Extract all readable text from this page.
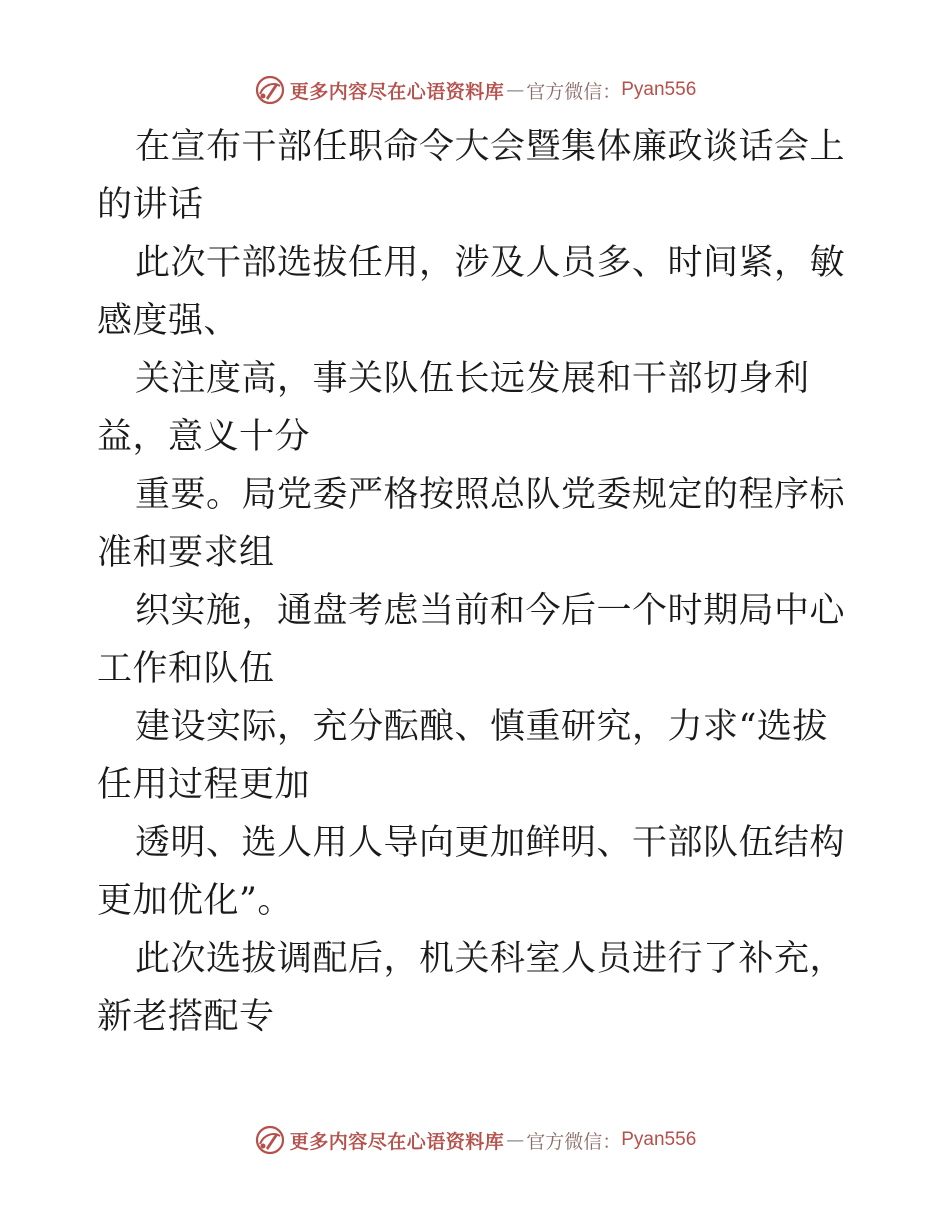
更多内容尽在心语资料库 — 官方微信： Pyan556

在宣布干部任职命令大会暨集体廉政谈话会上的讲话

此次干部选拔任用，涉及人员多、时间紧，敏感度强、

关注度高，事关队伍长远发展和干部切身利益，意义十分

重要。局党委严格按照总队党委规定的程序标准和要求组

织实施，通盘考虑当前和今后一个时期局中心工作和队伍

建设实际，充分酝酿、慎重研究，力求“选拔任用过程更加

透明、选人用人导向更加鲜明、干部队伍结构更加优化”。

此次选拔调配后，机关科室人员进行了补充，新老搭配专

更多内容尽在心语资料库 — 官方微信： Pyan556
